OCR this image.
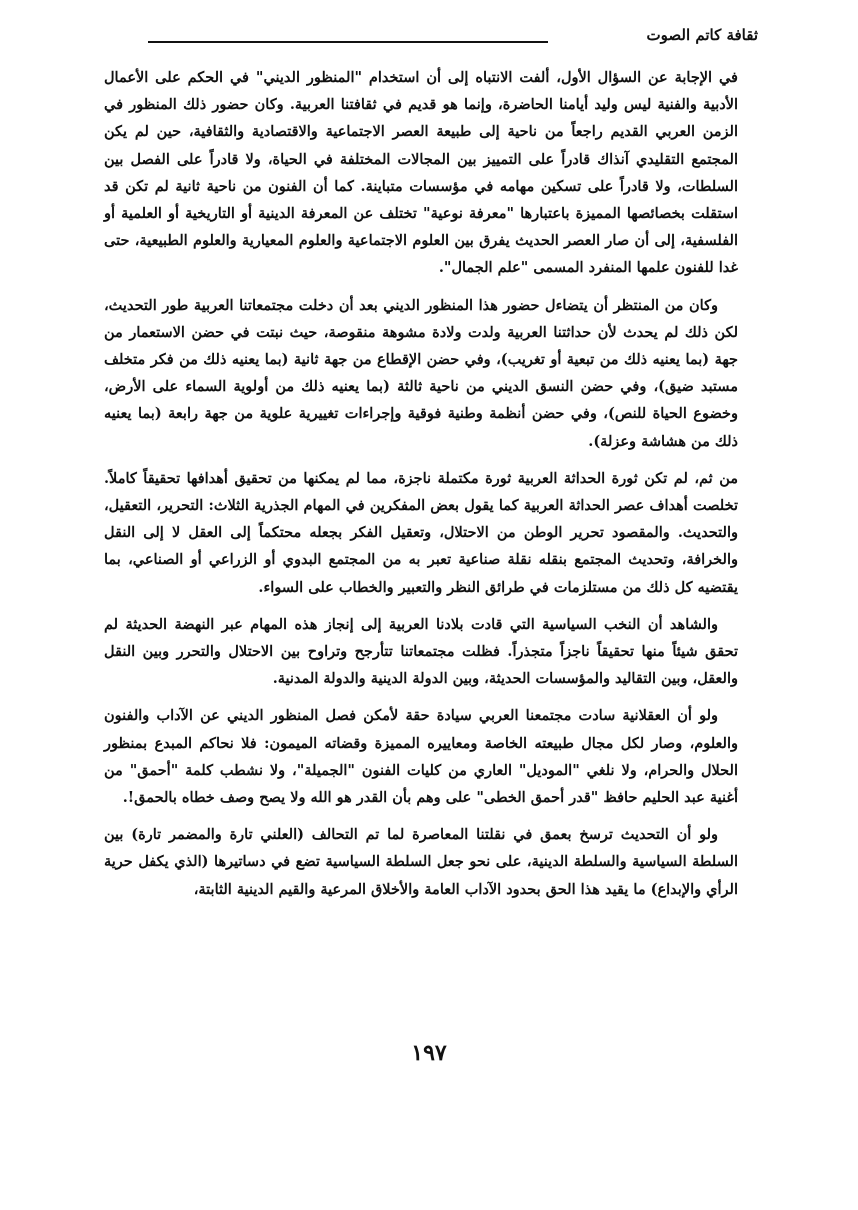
ثقافة كاتم الصوت

في الإجابة عن السؤال الأول، ألفت الانتباه إلى أن استخدام "المنظور الديني" في الحكم على الأعمال الأدبية والفنية ليس وليد أيامنا الحاضرة، وإنما هو قديم في ثقافتنا العربية. وكان حضور ذلك المنظور في الزمن العربي القديم راجعاً من ناحية إلى طبيعة العصر الاجتماعية والاقتصادية والثقافية، حين لم يكن المجتمع التقليدي آنذاك قادراً على التمييز بين المجالات المختلفة في الحياة، ولا قادراً على الفصل بين السلطات، ولا قادراً على تسكين مهامه في مؤسسات متباينة. كما أن الفنون من ناحية ثانية لم تكن قد استقلت بخصائصها المميزة باعتبارها "معرفة نوعية" تختلف عن المعرفة الدينية أو التاريخية أو العلمية أو الفلسفية، إلى أن صار العصر الحديث يفرق بين العلوم الاجتماعية والعلوم المعيارية والعلوم الطبيعية، حتى غدا للفنون علمها المنفرد المسمى "علم الجمال".

وكان من المنتظر أن يتضاءل حضور هذا المنظور الديني بعد أن دخلت مجتمعاتنا العربية طور التحديث، لكن ذلك لم يحدث لأن حداثتنا العربية ولدت ولادة مشوهة منقوصة، حيث نبتت في حضن الاستعمار من جهة (بما يعنيه ذلك من تبعية أو تغريب)، وفي حضن الإقطاع من جهة ثانية (بما يعنيه ذلك من فكر متخلف مستبد ضيق)، وفي حضن النسق الديني من ناحية ثالثة (بما يعنيه ذلك من أولوية السماء على الأرض، وخضوع الحياة للنص)، وفي حضن أنظمة وطنية فوقية وإجراءات تغييرية علوية من جهة رابعة (بما يعنيه ذلك من هشاشة وعزلة).

من ثم، لم تكن ثورة الحداثة العربية ثورة مكتملة ناجزة، مما لم يمكنها من تحقيق أهدافها تحقيقاً كاملاً. تخلصت أهداف عصر الحداثة العربية كما يقول بعض المفكرين في المهام الجذرية الثلاث: التحرير، التعقيل، والتحديث. والمقصود تحرير الوطن من الاحتلال، وتعقيل الفكر بجعله محتكماً إلى العقل لا إلى النقل والخرافة، وتحديث المجتمع بنقله نقلة صناعية تعبر به من المجتمع البدوي أو الزراعي أو الصناعي، بما يقتضيه كل ذلك من مستلزمات في طرائق النظر والتعبير والخطاب على السواء.

والشاهد أن النخب السياسية التي قادت بلادنا العربية إلى إنجاز هذه المهام عبر النهضة الحديثة لم تحقق شيئاً منها تحقيقاً ناجزاً متجذراً. فظلت مجتمعاتنا تتأرجح وتراوح بين الاحتلال والتحرر وبين النقل والعقل، وبين التقاليد والمؤسسات الحديثة، وبين الدولة الدينية والدولة المدنية.

ولو أن العقلانية سادت مجتمعنا العربي سيادة حقة لأمكن فصل المنظور الديني عن الآداب والفنون والعلوم، وصار لكل مجال طبيعته الخاصة ومعاييره المميزة وقضاته الميمون: فلا نحاكم المبدع بمنظور الحلال والحرام، ولا نلغي "الموديل" العاري من كليات الفنون "الجميلة"، ولا نشطب كلمة "أحمق" من أغنية عبد الحليم حافظ "قدر أحمق الخطى" على وهم بأن القدر هو الله ولا يصح وصف خطاه بالحمق!.

ولو أن التحديث ترسخ بعمق في نقلتنا المعاصرة لما تم التحالف (العلني تارة والمضمر تارة) بين السلطة السياسية والسلطة الدينية، على نحو جعل السلطة السياسية تضع في دساتيرها (الذي يكفل حرية الرأي والإبداع) ما يقيد هذا الحق بحدود الآداب العامة والأخلاق المرعية والقيم الدينية الثابتة،

١٩٧
